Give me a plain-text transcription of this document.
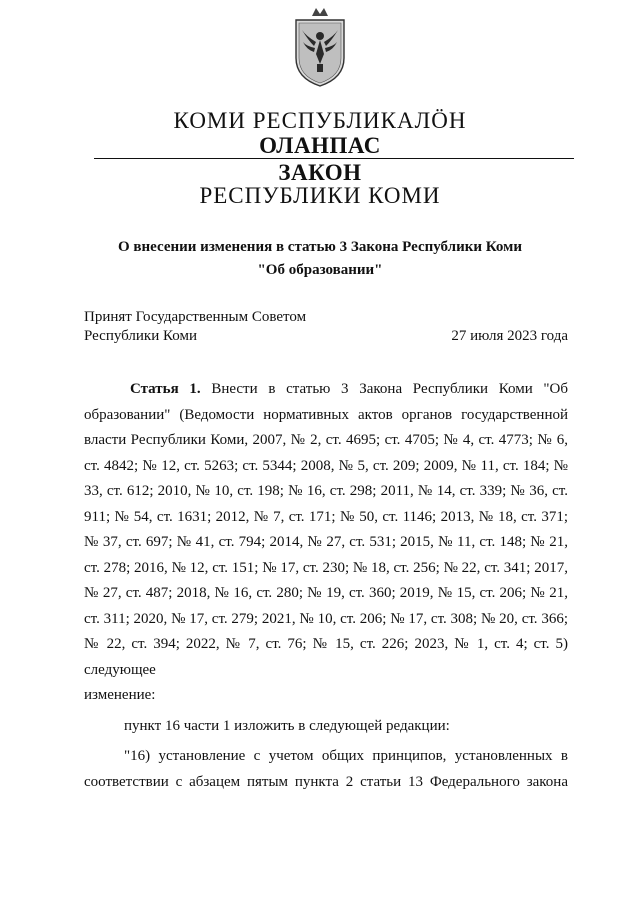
КОМИ РЕСПУБЛИКАЛÖН
ОЛАНПАС
ЗАКОН
РЕСПУБЛИКИ КОМИ
О внесении изменения в статью 3 Закона Республики Коми
"Об образовании"
Принят Государственным Советом
Республики Коми	27 июля 2023 года

Статья 1. Внести в статью 3 Закона Республики Коми "Об образовании" (Ведомости нормативных актов органов государственной власти Республики Коми, 2007, № 2, ст. 4695; ст. 4705; № 4, ст. 4773; № 6, ст. 4842; № 12, ст. 5263; ст. 5344; 2008, № 5, ст. 209; 2009, № 11, ст. 184; № 33, ст. 612; 2010, № 10, ст. 198; № 16, ст. 298; 2011, № 14, ст. 339; № 36, ст. 911; № 54, ст. 1631; 2012, № 7, ст. 171; № 50, ст. 1146; 2013, № 18, ст. 371; № 37, ст. 697; № 41, ст. 794; 2014, № 27, ст. 531; 2015, № 11, ст. 148; № 21, ст. 278; 2016, № 12, ст. 151; № 17, ст. 230; № 18, ст. 256; № 22, ст. 341; 2017, № 27, ст. 487; 2018, № 16, ст. 280; № 19, ст. 360; 2019, № 15, ст. 206; № 21, ст. 311; 2020, № 17, ст. 279; 2021, № 10, ст. 206; № 17, ст. 308; № 20, ст. 366; № 22, ст. 394; 2022, № 7, ст. 76; № 15, ст. 226; 2023, № 1, ст. 4; ст. 5) следующее

изменение:

пункт 16 части 1 изложить в следующей редакции:
"16) установление с учетом общих принципов, установленных в соответствии с абзацем пятым пункта 2 статьи 13 Федерального закона
